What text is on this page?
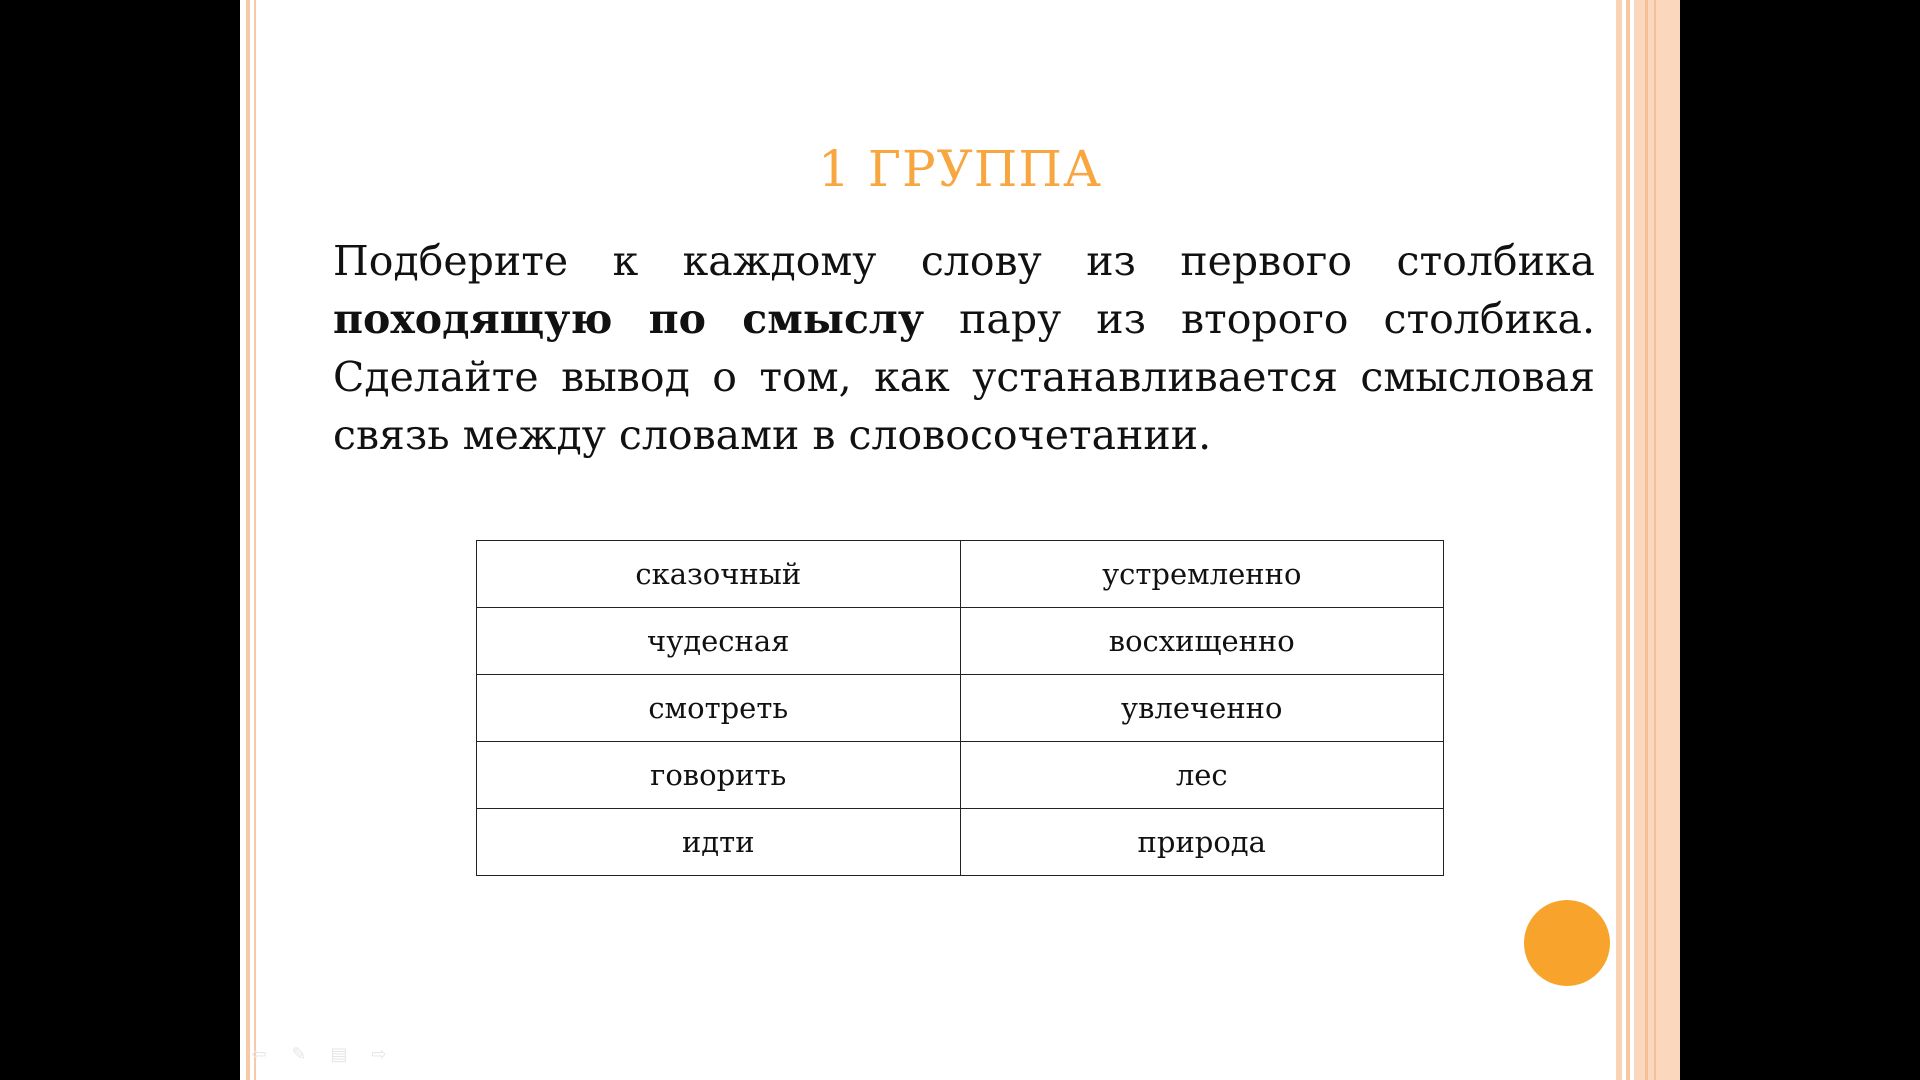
1 ГРУППА
Подберите к каждому слову из первого столбика походящую по смыслу пару из второго столбика. Сделайте вывод о том, как устанавливается смысловая связь между словами в словосочетании.
сказочный	устремленно
чудесная	восхищенно
смотреть	увлеченно
говорить	лес
идти	природа
⇦ ✎ ▤ ⇨
